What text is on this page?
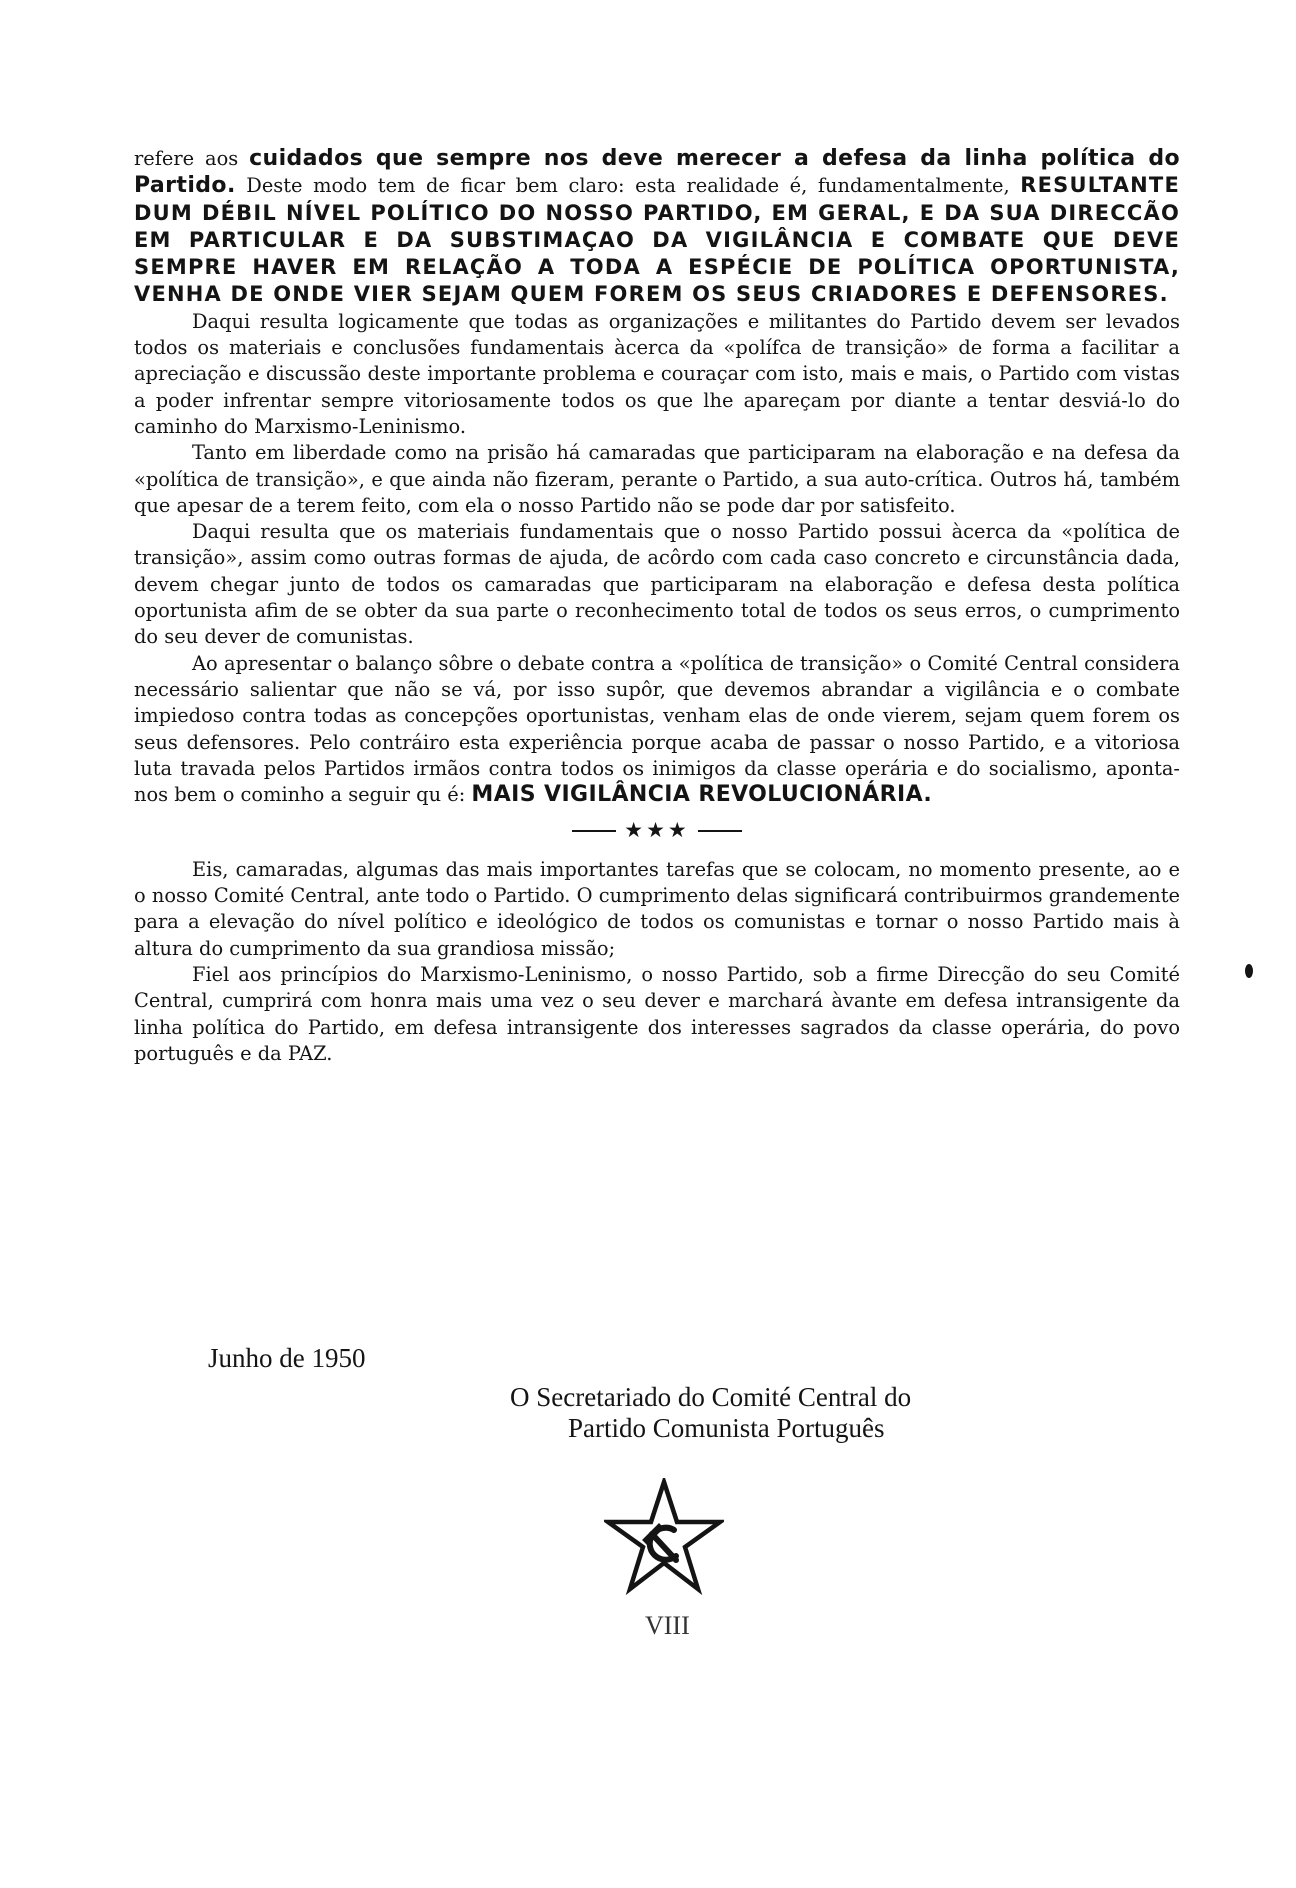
refere aos cuidados que sempre nos deve merecer a defesa da linha política do Partido. Deste modo tem de ficar bem claro: esta realidade é, fundamentalmente, RESULTANTE DUM DÉBIL NÍVEL POLÍTICO DO NOSSO PARTIDO, EM GERAL, E DA SUA DIRECCÃO EM PARTICULAR E DA SUBSTIMAÇAO DA VIGILÂNCIA E COMBATE QUE DEVE SEMPRE HAVER EM RELAÇÃO A TODA A ESPÉCIE DE POLÍTICA OPORTUNISTA, VENHA DE ONDE VIER SEJAM QUEM FOREM OS SEUS CRIADORES E DEFENSORES.

Daqui resulta logicamente que todas as organizações e militantes do Partido devem ser levados todos os materiais e conclusões fundamentais àcerca da «polífca de transição» de forma a facilitar a apreciação e discussão deste importante problema e couraçar com isto, mais e mais, o Partido com vistas a poder infrentar sempre vitoriosamente todos os que lhe apareçam por diante a tentar desviá-lo do caminho do Marxismo-Leninismo.

Tanto em liberdade como na prisão há camaradas que participaram na elaboração e na defesa da «política de transição», e que ainda não fizeram, perante o Partido, a sua auto-crítica. Outros há, também que apesar de a terem feito, com ela o nosso Partido não se pode dar por satisfeito.

Daqui resulta que os materiais fundamentais que o nosso Partido possui àcerca da «política de transição», assim como outras formas de ajuda, de acôrdo com cada caso concreto e circunstância dada, devem chegar junto de todos os camaradas que participaram na elaboração e defesa desta política oportunista afim de se obter da sua parte o reconhecimento total de todos os seus erros, o cumprimento do seu dever de comunistas.

Ao apresentar o balanço sôbre o debate contra a «política de transição» o Comité Central considera necessário salientar que não se vá, por isso supôr, que devemos abrandar a vigilância e o combate impiedoso contra todas as concepções oportunistas, venham elas de onde vierem, sejam quem forem os seus defensores. Pelo contráiro esta experiência porque acaba de passar o nosso Partido, e a vitoriosa luta travada pelos Partidos irmãos contra todos os inimigos da classe operária e do socialismo, aponta-nos bem o cominho a seguir qu é: MAIS VIGILÂNCIA REVOLUCIONÁRIA.

★★★

Eis, camaradas, algumas das mais importantes tarefas que se colocam, no momento presente, ao e o nosso Comité Central, ante todo o Partido. O cumprimento delas significará contribuirmos grandemente para a elevação do nível político e ideológico de todos os comunistas e tornar o nosso Partido mais à altura do cumprimento da sua grandiosa missão;

Fiel aos princípios do Marxismo-Leninismo, o nosso Partido, sob a firme Direcção do seu Comité Central, cumprirá com honra mais uma vez o seu dever e marchará àvante em defesa intransigente da linha política do Partido, em defesa intransigente dos interesses sagrados da classe operária, do povo português e da PAZ.

Junho de 1950
O Secretariado do Comité Central do
Partido Comunista Português
VIII
